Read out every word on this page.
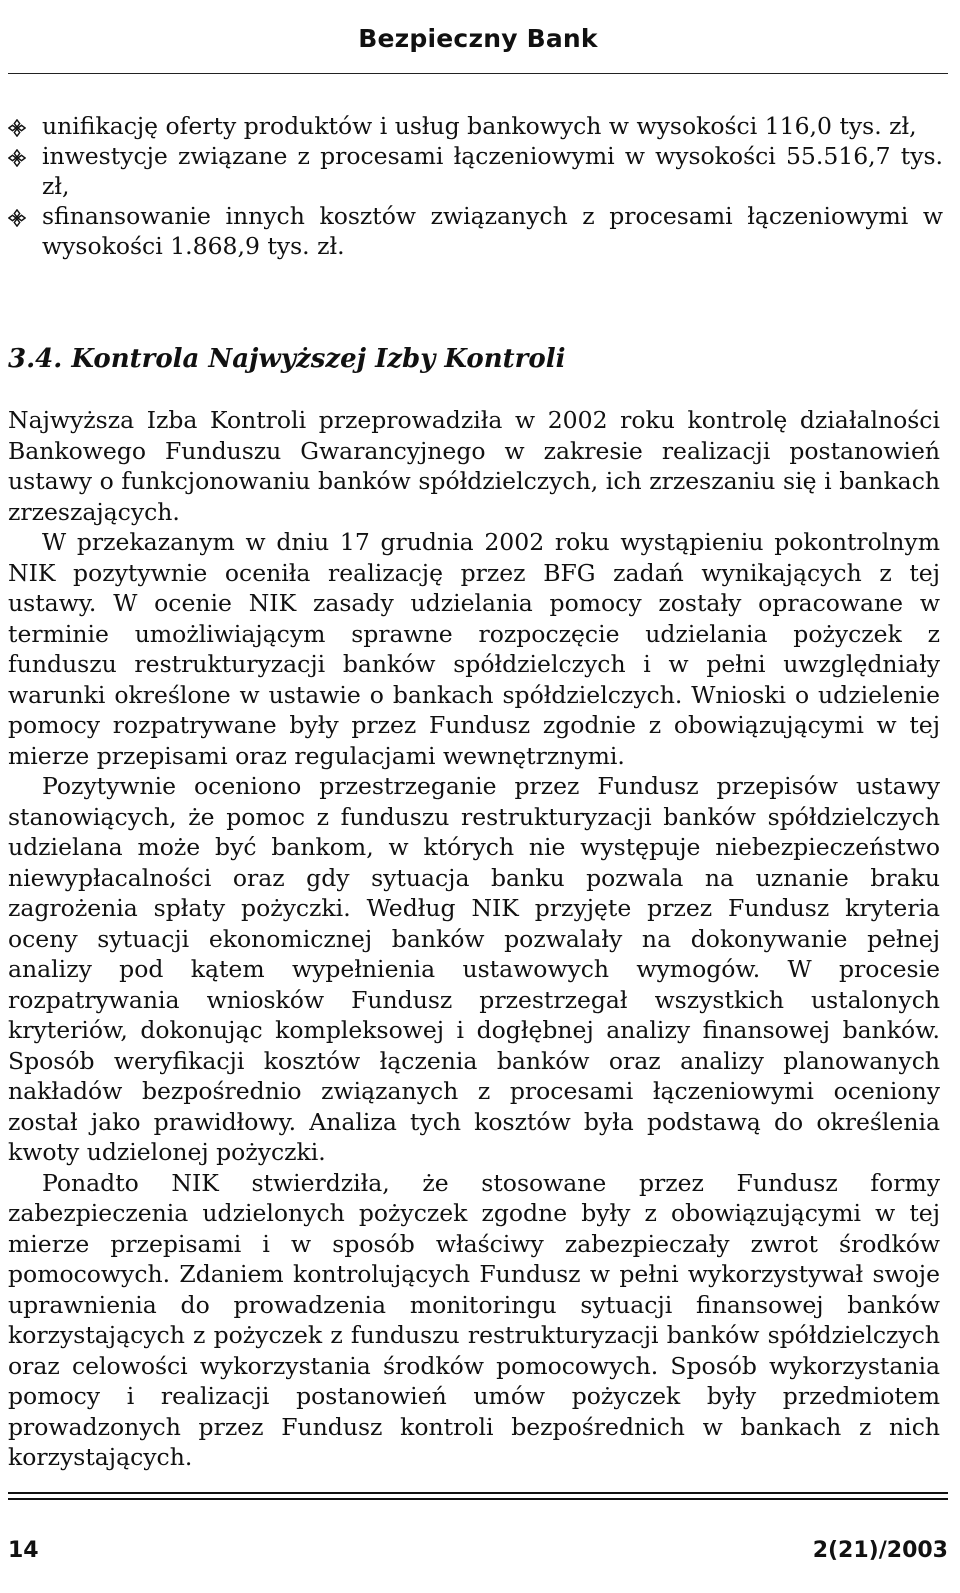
Bezpieczny Bank
unifikację oferty produktów i usług bankowych w wysokości 116,0 tys. zł,
inwestycje związane z procesami łączeniowymi w wysokości 55.516,7 tys. zł,
sfinansowanie innych kosztów związanych z procesami łączeniowymi w wysokości 1.868,9 tys. zł.
3.4. Kontrola Najwyższej Izby Kontroli

Najwyższa Izba Kontroli przeprowadziła w 2002 roku kontrolę działalności Bankowego Funduszu Gwarancyjnego w zakresie realizacji postanowień ustawy o funkcjonowaniu banków spółdzielczych, ich zrzeszaniu się i bankach zrzeszających.

W przekazanym w dniu 17 grudnia 2002 roku wystąpieniu pokontrolnym NIK pozytywnie oceniła realizację przez BFG zadań wynikających z tej ustawy. W ocenie NIK zasady udzielania pomocy zostały opracowane w terminie umożliwiającym sprawne rozpoczęcie udzielania pożyczek z funduszu restrukturyzacji banków spółdzielczych i w pełni uwzględniały warunki określone w ustawie o bankach spółdzielczych. Wnioski o udzielenie pomocy rozpatrywane były przez Fundusz zgodnie z obowiązującymi w tej mierze przepisami oraz regulacjami wewnętrznymi.

Pozytywnie oceniono przestrzeganie przez Fundusz przepisów ustawy stanowiących, że pomoc z funduszu restrukturyzacji banków spółdzielczych udzielana może być bankom, w których nie występuje niebezpieczeństwo niewypłacalności oraz gdy sytuacja banku pozwala na uznanie braku zagrożenia spłaty pożyczki. Według NIK przyjęte przez Fundusz kryteria oceny sytuacji ekonomicznej banków pozwalały na dokonywanie pełnej analizy pod kątem wypełnienia ustawowych wymogów. W procesie rozpatrywania wniosków Fundusz przestrzegał wszystkich ustalonych kryteriów, dokonując kompleksowej i dogłębnej analizy finansowej banków. Sposób weryfikacji kosztów łączenia banków oraz analizy planowanych nakładów bezpośrednio związanych z procesami łączeniowymi oceniony został jako prawidłowy. Analiza tych kosztów była podstawą do określenia kwoty udzielonej pożyczki.

Ponadto NIK stwierdziła, że stosowane przez Fundusz formy zabezpieczenia udzielonych pożyczek zgodne były z obowiązującymi w tej mierze przepisami i w sposób właściwy zabezpieczały zwrot środków pomocowych. Zdaniem kontrolujących Fundusz w pełni wykorzystywał swoje uprawnienia do prowadzenia monitoringu sytuacji finansowej banków korzystających z pożyczek z funduszu restrukturyzacji banków spółdzielczych oraz celowości wykorzystania środków pomocowych. Sposób wykorzystania pomocy i realizacji postanowień umów pożyczek były przedmiotem prowadzonych przez Fundusz kontroli bezpośrednich w bankach z nich korzystających.

14	2(21)/2003
